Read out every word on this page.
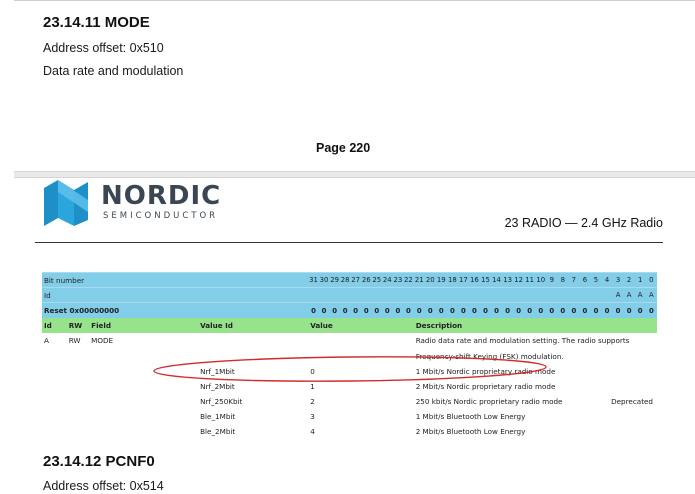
23.14.11 MODE
Address offset: 0x510
Data rate and modulation
Page 220
NORDIC
SEMICONDUCTOR	23 RADIO — 2.4 GHz Radio
Bit number				31	30	29	28	27	26	25	24	23	22	21	20	19	18	17	16	15	14	13	12	11	10	9	8	7	6	5	4	3	2	1	0
Id																																A	A	A	A
Reset 0x00000000				0	0	0	0	0	0	0	0	0	0	0	0	0	0	0	0	0	0	0	0	0	0	0	0	0	0	0	0	0	0	0	0
Id	RW	Field	Value Id	Value										Description																					
A	RW	MODE												Radio data rate and modulation setting. The radio supports																					
														Frequency-shift Keying (FSK) modulation.																					
			Nrf_1Mbit	0										1 Mbit/s Nordic proprietary radio mode																					
			Nrf_2Mbit	1										2 Mbit/s Nordic proprietary radio mode																					
			Nrf_250Kbit	2										250 kbit/s Nordic proprietary radio mode																	Deprecated				
			Ble_1Mbit	3										1 Mbit/s Bluetooth Low Energy																					
			Ble_2Mbit	4										2 Mbit/s Bluetooth Low Energy																					
23.14.12 PCNF0
Address offset: 0x514
